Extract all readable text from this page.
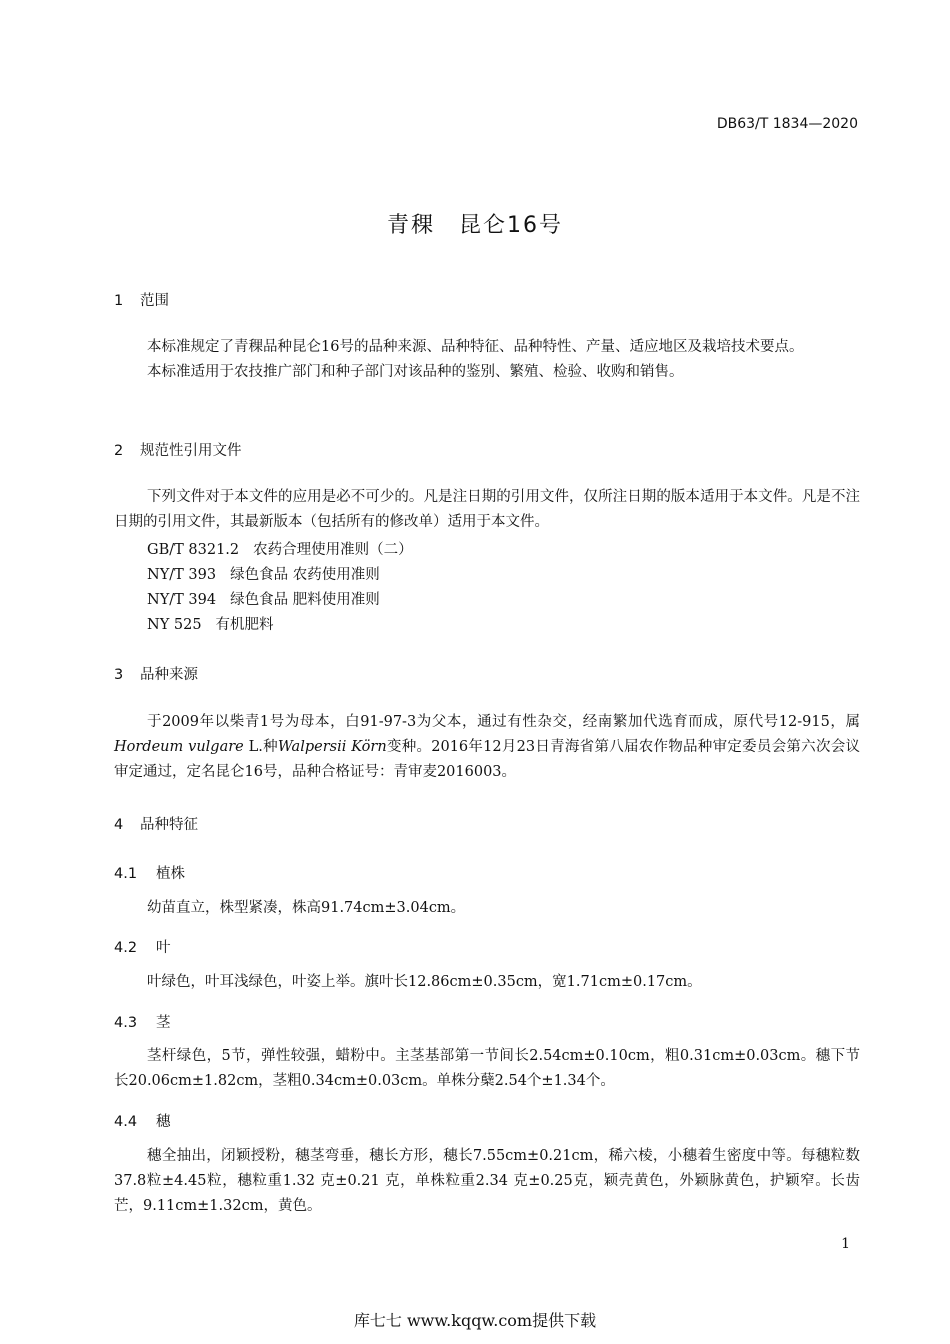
DB63/T 1834—2020
青稞　昆仑16号
1 范围

本标准规定了青稞品种昆仑16号的品种来源、品种特征、品种特性、产量、适应地区及栽培技术要点。

本标准适用于农技推广部门和种子部门对该品种的鉴别、繁殖、检验、收购和销售。

2 规范性引用文件

下列文件对于本文件的应用是必不可少的。凡是注日期的引用文件，仅所注日期的版本适用于本文件。凡是不注日期的引用文件，其最新版本（包括所有的修改单）适用于本文件。

GB/T 8321.2 农药合理使用准则（二）
NY/T 393 绿色食品 农药使用准则
NY/T 394 绿色食品 肥料使用准则
NY 525 有机肥料
3 品种来源

于2009年以柴青1号为母本，白91-97-3为父本，通过有性杂交，经南繁加代选育而成，原代号12-915，属Hordeum vulgare L.种Walpersii Körn变种。2016年12月23日青海省第八届农作物品种审定委员会第六次会议审定通过，定名昆仑16号，品种合格证号：青审麦2016003。

4 品种特征
4.1 植株

幼苗直立，株型紧凑，株高91.74cm±3.04cm。

4.2 叶

叶绿色，叶耳浅绿色，叶姿上举。旗叶长12.86cm±0.35cm，宽1.71cm±0.17cm。

4.3 茎

茎杆绿色，5节，弹性较强，蜡粉中。主茎基部第一节间长2.54cm±0.10cm，粗0.31cm±0.03cm。穗下节长20.06cm±1.82cm，茎粗0.34cm±0.03cm。单株分蘖2.54个±1.34个。

4.4 穗

穗全抽出，闭颖授粉，穗茎弯垂，穗长方形，穗长7.55cm±0.21cm，稀六棱，小穗着生密度中等。每穗粒数37.8粒±4.45粒，穗粒重1.32 克±0.21 克，单株粒重2.34 克±0.25克，颖壳黄色，外颖脉黄色，护颖窄。长齿芒，9.11cm±1.32cm，黄色。

1
库七七 www.kqqw.com提供下载
